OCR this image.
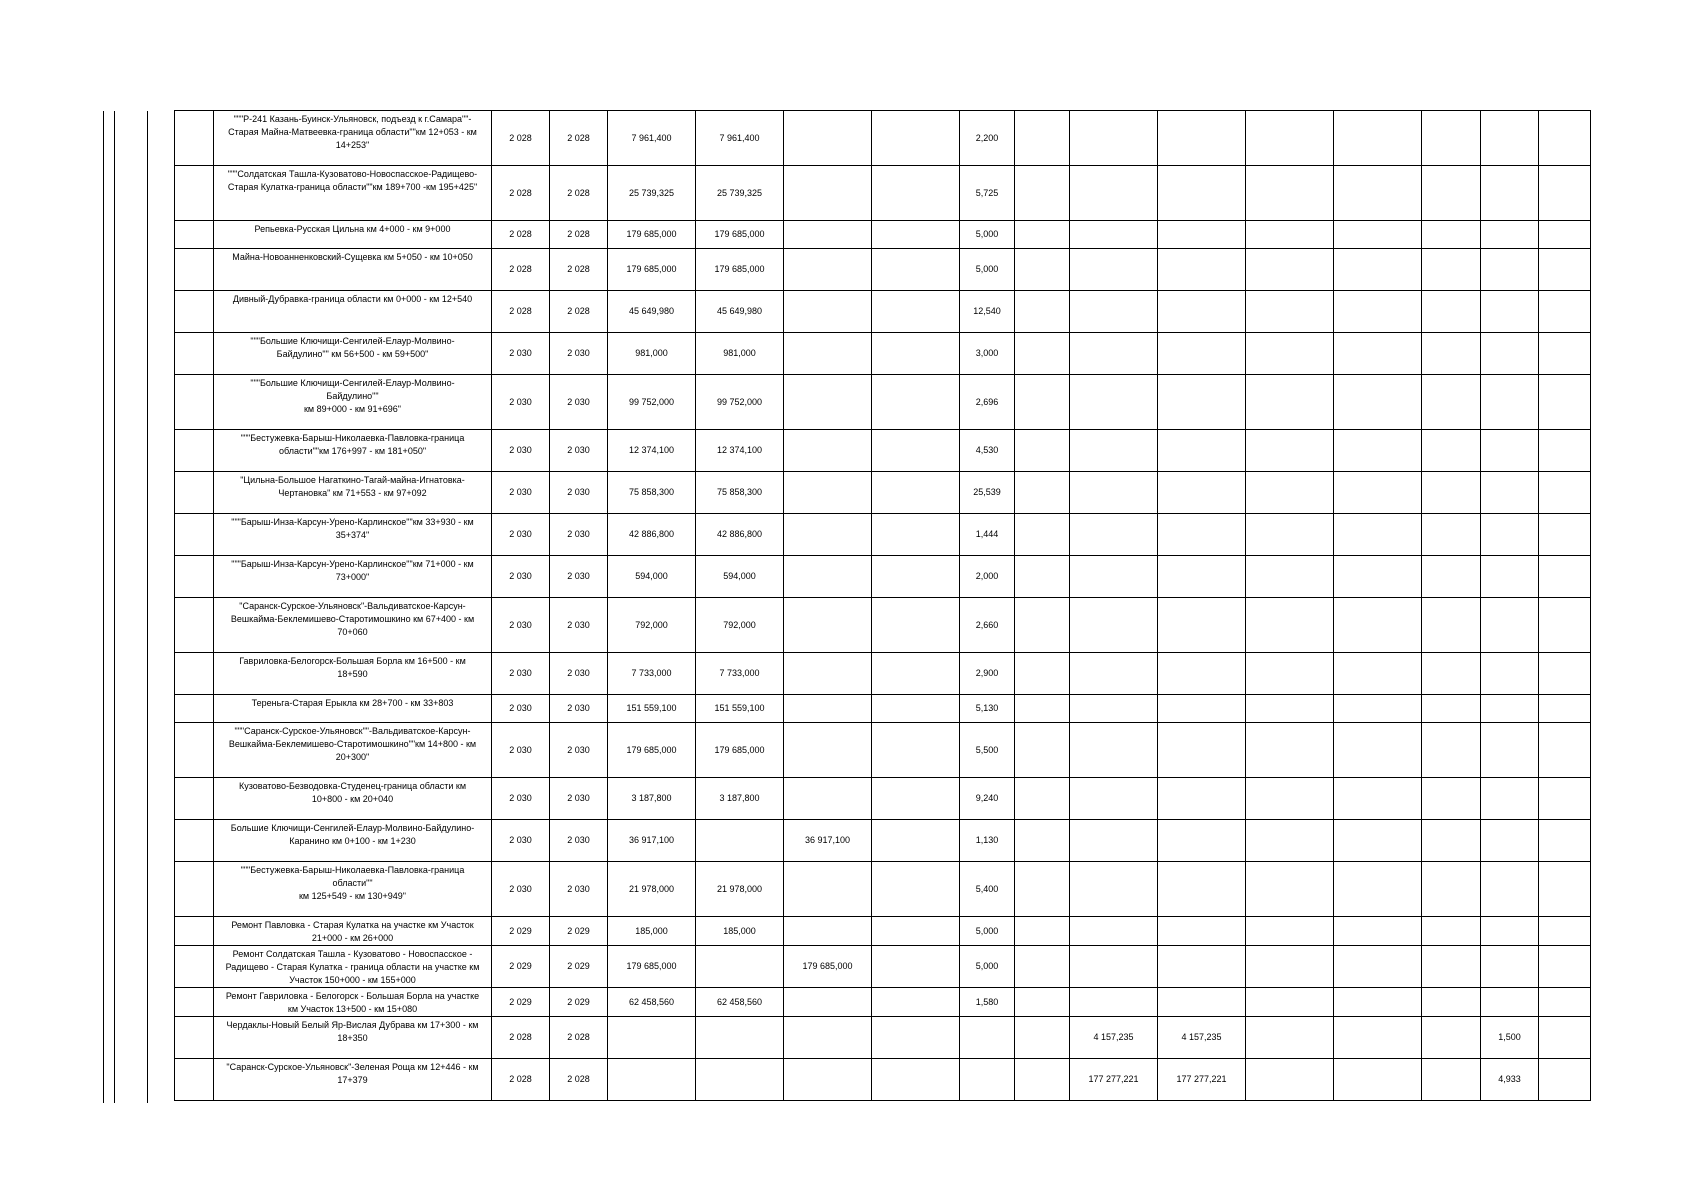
	"""Р-241 Казань-Буинск-Ульяновск, подъезд к г.Самара""-
Старая Майна-Матвеевка-граница области""км 12+053 - км
14+253"	2 028	2 028	7 961,400	7 961,400			2,200								
	"""Солдатская Ташла-Кузоватово-Новоспасское-Радищево-
Старая Кулатка-граница области""км 189+700 -км 195+425"	2 028	2 028	25 739,325	25 739,325			5,725								
	Репьевка-Русская Цильна км 4+000 - км 9+000	2 028	2 028	179 685,000	179 685,000			5,000								
	Майна-Новоанненковский-Сущевка км 5+050 - км 10+050	2 028	2 028	179 685,000	179 685,000			5,000								
	Дивный-Дубравка-граница области км 0+000 - км 12+540	2 028	2 028	45 649,980	45 649,980			12,540								
	"""Большие Ключищи-Сенгилей-Елаур-Молвино-
Байдулино"" км 56+500 - км 59+500"	2 030	2 030	981,000	981,000			3,000								
	"""Большие Ключищи-Сенгилей-Елаур-Молвино-
Байдулино""
км 89+000 - км 91+696"	2 030	2 030	99 752,000	99 752,000			2,696								
	"""Бестужевка-Барыш-Николаевка-Павловка-граница
области""км 176+997 - км 181+050"	2 030	2 030	12 374,100	12 374,100			4,530								
	"Цильна-Большое Нагаткино-Тагай-майна-Игнатовка-
Чертановка" км 71+553 - км 97+092	2 030	2 030	75 858,300	75 858,300			25,539								
	"""Барыш-Инза-Карсун-Урено-Карлинское""км 33+930 - км
35+374"	2 030	2 030	42 886,800	42 886,800			1,444								
	"""Барыш-Инза-Карсун-Урено-Карлинское""км 71+000 - км
73+000"	2 030	2 030	594,000	594,000			2,000								
	"Саранск-Сурское-Ульяновск"-Вальдиватское-Карсун-
Вешкайма-Беклемишево-Старотимошкино км 67+400 - км
70+060	2 030	2 030	792,000	792,000			2,660								
	Гавриловка-Белогорск-Большая Борла км 16+500 - км
18+590	2 030	2 030	7 733,000	7 733,000			2,900								
	Тереньга-Старая Ерыкла км 28+700 - км 33+803	2 030	2 030	151 559,100	151 559,100			5,130								
	"""Саранск-Сурское-Ульяновск""-Вальдиватское-Карсун-
Вешкайма-Беклемишево-Старотимошкино""км 14+800 - км
20+300"	2 030	2 030	179 685,000	179 685,000			5,500								
	Кузоватово-Безводовка-Студенец-граница области км
10+800 - км 20+040	2 030	2 030	3 187,800	3 187,800			9,240								
	Большие Ключищи-Сенгилей-Елаур-Молвино-Байдулино-
Каранино км 0+100 - км 1+230	2 030	2 030	36 917,100		36 917,100		1,130								
	"""Бестужевка-Барыш-Николаевка-Павловка-граница
области""
км 125+549 - км 130+949"	2 030	2 030	21 978,000	21 978,000			5,400								
	Ремонт Павловка - Старая Кулатка на участке км Участок
21+000 - км 26+000	2 029	2 029	185,000	185,000			5,000								
	Ремонт Солдатская Ташла - Кузоватово - Новоспасское -
Радищево - Старая Кулатка - граница области на участке км
Участок 150+000 - км 155+000	2 029	2 029	179 685,000		179 685,000		5,000								
	Ремонт Гавриловка - Белогорск - Большая Борла на участке
км Участок 13+500 - км 15+080	2 029	2 029	62 458,560	62 458,560			1,580								
	Чердаклы-Новый Белый Яр-Вислая Дубрава км 17+300 - км
18+350	2 028	2 028							4 157,235	4 157,235				1,500	
	"Саранск-Сурское-Ульяновск"-Зеленая Роща км 12+446 - км
17+379	2 028	2 028							177 277,221	177 277,221				4,933	
